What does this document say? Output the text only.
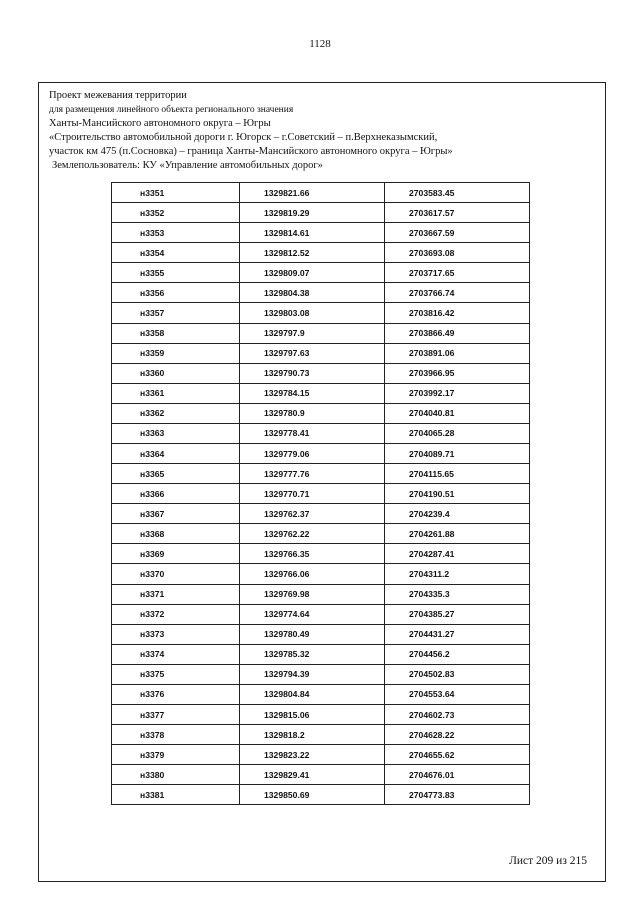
1128
Проект межевания территории
для размещения линейного объекта регионального значения
Ханты-Мансийского автономного округа – Югры
«Строительство автомобильной дороги г. Югорск – г.Советский – п.Верхнеказымский,
участок км 475 (п.Сосновка) – граница Ханты-Мансийского автономного округа – Югры»
Землепользователь: КУ «Управление автомобильных дорог»
н3351	1329821.66	2703583.45
н3352	1329819.29	2703617.57
н3353	1329814.61	2703667.59
н3354	1329812.52	2703693.08
н3355	1329809.07	2703717.65
н3356	1329804.38	2703766.74
н3357	1329803.08	2703816.42
н3358	1329797.9	2703866.49
н3359	1329797.63	2703891.06
н3360	1329790.73	2703966.95
н3361	1329784.15	2703992.17
н3362	1329780.9	2704040.81
н3363	1329778.41	2704065.28
н3364	1329779.06	2704089.71
н3365	1329777.76	2704115.65
н3366	1329770.71	2704190.51
н3367	1329762.37	2704239.4
н3368	1329762.22	2704261.88
н3369	1329766.35	2704287.41
н3370	1329766.06	2704311.2
н3371	1329769.98	2704335.3
н3372	1329774.64	2704385.27
н3373	1329780.49	2704431.27
н3374	1329785.32	2704456.2
н3375	1329794.39	2704502.83
н3376	1329804.84	2704553.64
н3377	1329815.06	2704602.73
н3378	1329818.2	2704628.22
н3379	1329823.22	2704655.62
н3380	1329829.41	2704676.01
н3381	1329850.69	2704773.83
Лист 209 из 215
